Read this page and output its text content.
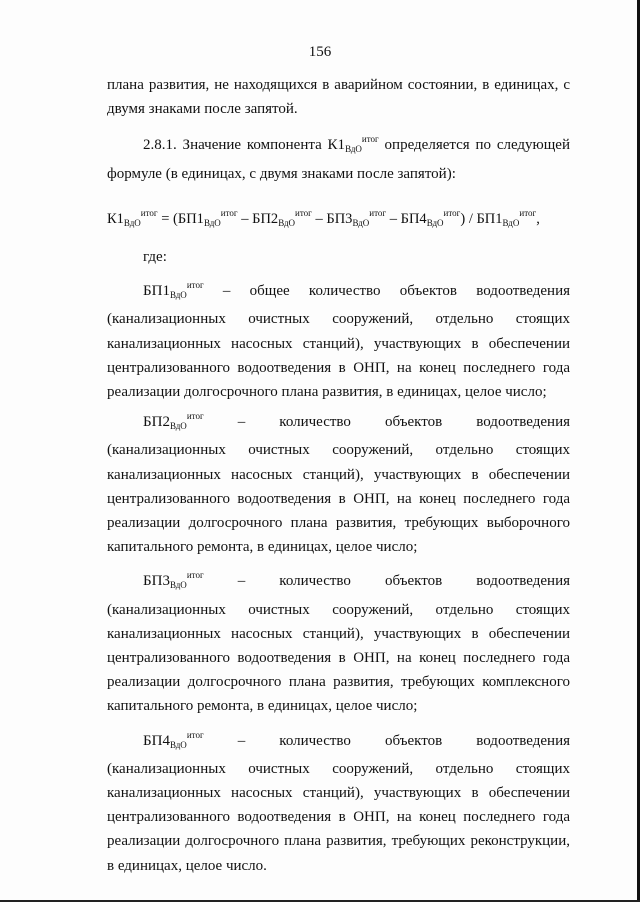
156

плана развития, не находящихся в аварийном состоянии, в единицах, с двумя знаками после запятой.

2.8.1. Значение компонента $К1_{ВдО}^{итог}$ определяется по следующей формуле (в единицах, с двумя знаками после запятой):

$К1_{ВдО}^{итог} = (БП1_{ВдО}^{итог} - БП2_{ВдО}^{итог} - БП3_{ВдО}^{итог} - БП4_{ВдО}^{итог}) / БП1_{ВдО}^{итог}$,
где:

$БП1_{ВдО}^{итог}$ – общее количество объектов водоотведения (канализационных очистных сооружений, отдельно стоящих канализационных насосных станций), участвующих в обеспечении централизованного водоотведения в ОНП, на конец последнего года реализации долгосрочного плана развития, в единицах, целое число;

$БП2_{ВдО}^{итог}$ – количество объектов водоотведения (канализационных очистных сооружений, отдельно стоящих канализационных насосных станций), участвующих в обеспечении централизованного водоотведения в ОНП, на конец последнего года реализации долгосрочного плана развития, требующих выборочного капитального ремонта, в единицах, целое число;

$БП3_{ВдО}^{итог}$ – количество объектов водоотведения (канализационных очистных сооружений, отдельно стоящих канализационных насосных станций), участвующих в обеспечении централизованного водоотведения в ОНП, на конец последнего года реализации долгосрочного плана развития, требующих комплексного капитального ремонта, в единицах, целое число;

$БП4_{ВдО}^{итог}$ – количество объектов водоотведения (канализационных очистных сооружений, отдельно стоящих канализационных насосных станций), участвующих в обеспечении централизованного водоотведения в ОНП, на конец последнего года реализации долгосрочного плана развития, требующих реконструкции, в единицах, целое число.
